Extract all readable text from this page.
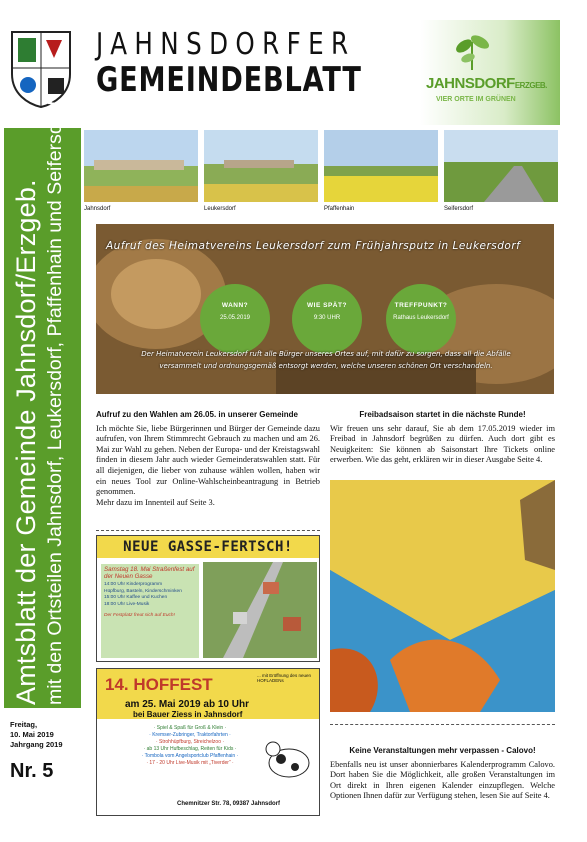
Amtsblatt der Gemeinde Jahnsdorf/Erzgeb. mit den Ortsteilen Jahnsdorf, Leukersdorf, Pfaffenhain und Seifersdorf
Freitag,
10. Mai 2019
Jahrgang 2019
Nr. 5
JAHNSDORFER
GEMEINDEBLATT	JAHNSDORFERZGEB.
VIER ORTE IM GRÜNEN
Jahnsdorf	Leukersdorf	Pfaffenhain	Seifersdorf
Aufruf des Heimatvereins Leukersdorf zum Frühjahrsputz in Leukersdorf
WANN?
25.05.2019
WIE SPÄT?
9:30 UHR
TREFFPUNKT?
Rathaus Leukersdorf
Der Heimatverein Leukersdorf ruft alle Bürger unseres Ortes auf, mit dafür zu sorgen, dass all die Abfälle versammelt und ordnungsgemäß entsorgt werden, welche unseren schönen Ort verschandeln.
Aufruf zu den Wahlen am 26.05. in unserer Gemeinde

Ich möchte Sie, liebe Bürgerinnen und Bürger der Gemeinde dazu aufrufen, von Ihrem Stimmrecht Gebrauch zu machen und am 26. Mai zur Wahl zu gehen. Neben der Europa- und der Kreistagswahl finden in diesem Jahr auch wieder Gemeinderatswahlen statt. Für all diejenigen, die lieber von zuhause wählen wollen, haben wir ein neues Tool zur Online-Wahlscheinbeantragung in Betrieb genommen.

Mehr dazu im Innenteil auf Seite 3.

NEUE GASSE-FERTSCH!
Samstag 18. Mai Straßenfest auf der Neuen Gasse
14:00 Uhr Kinderprogramm
Hüpfburg, Basteln, Kinderschminken
15:00 Uhr Kaffee und Kuchen
18:00 Uhr Live-Musik
Der Festplatz freut sich auf Euch!
14. HOFFEST	... mit Eröffnung des neuen HOFLADENs
am 25. Mai 2019 ab 10 Uhr
bei Bauer Ziess in Jahnsdorf
· Spiel & Spaß für Groß & Klein ·
· Kremser-Zubringer, Traktorfahrten ·
· Strohhüpfburg, Streichelzoo ·
· ab 13 Uhr Hufbeschlag, Reiten für Kids ·
· Tombola vom Angelsportclub Pfaffenhain ·
· 17 - 20 Uhr Live-Musik mit „Tiverder“ ·
Chemnitzer Str. 78, 09387 Jahnsdorf
Freibadsaison startet in die nächste Runde!

Wir freuen uns sehr darauf, Sie ab dem 17.05.2019 wieder im Freibad in Jahnsdorf begrüßen zu dürfen. Auch dort gibt es Neuigkeiten: Sie können ab Saisonstart Ihre Tickets online erwerben. Wie das geht, erklären wir in dieser Ausgabe Seite 4.

Keine Veranstaltungen mehr verpassen - Calovo!

Ebenfalls neu ist unser abonnierbares Kalenderprogramm Calovo. Dort haben Sie die Möglichkeit, alle großen Veranstaltungen im Ort direkt in Ihren eigenen Kalender einzupflegen. Welche Optionen Ihnen dafür zur Verfügung stehen, lesen Sie auf Seite 4.
